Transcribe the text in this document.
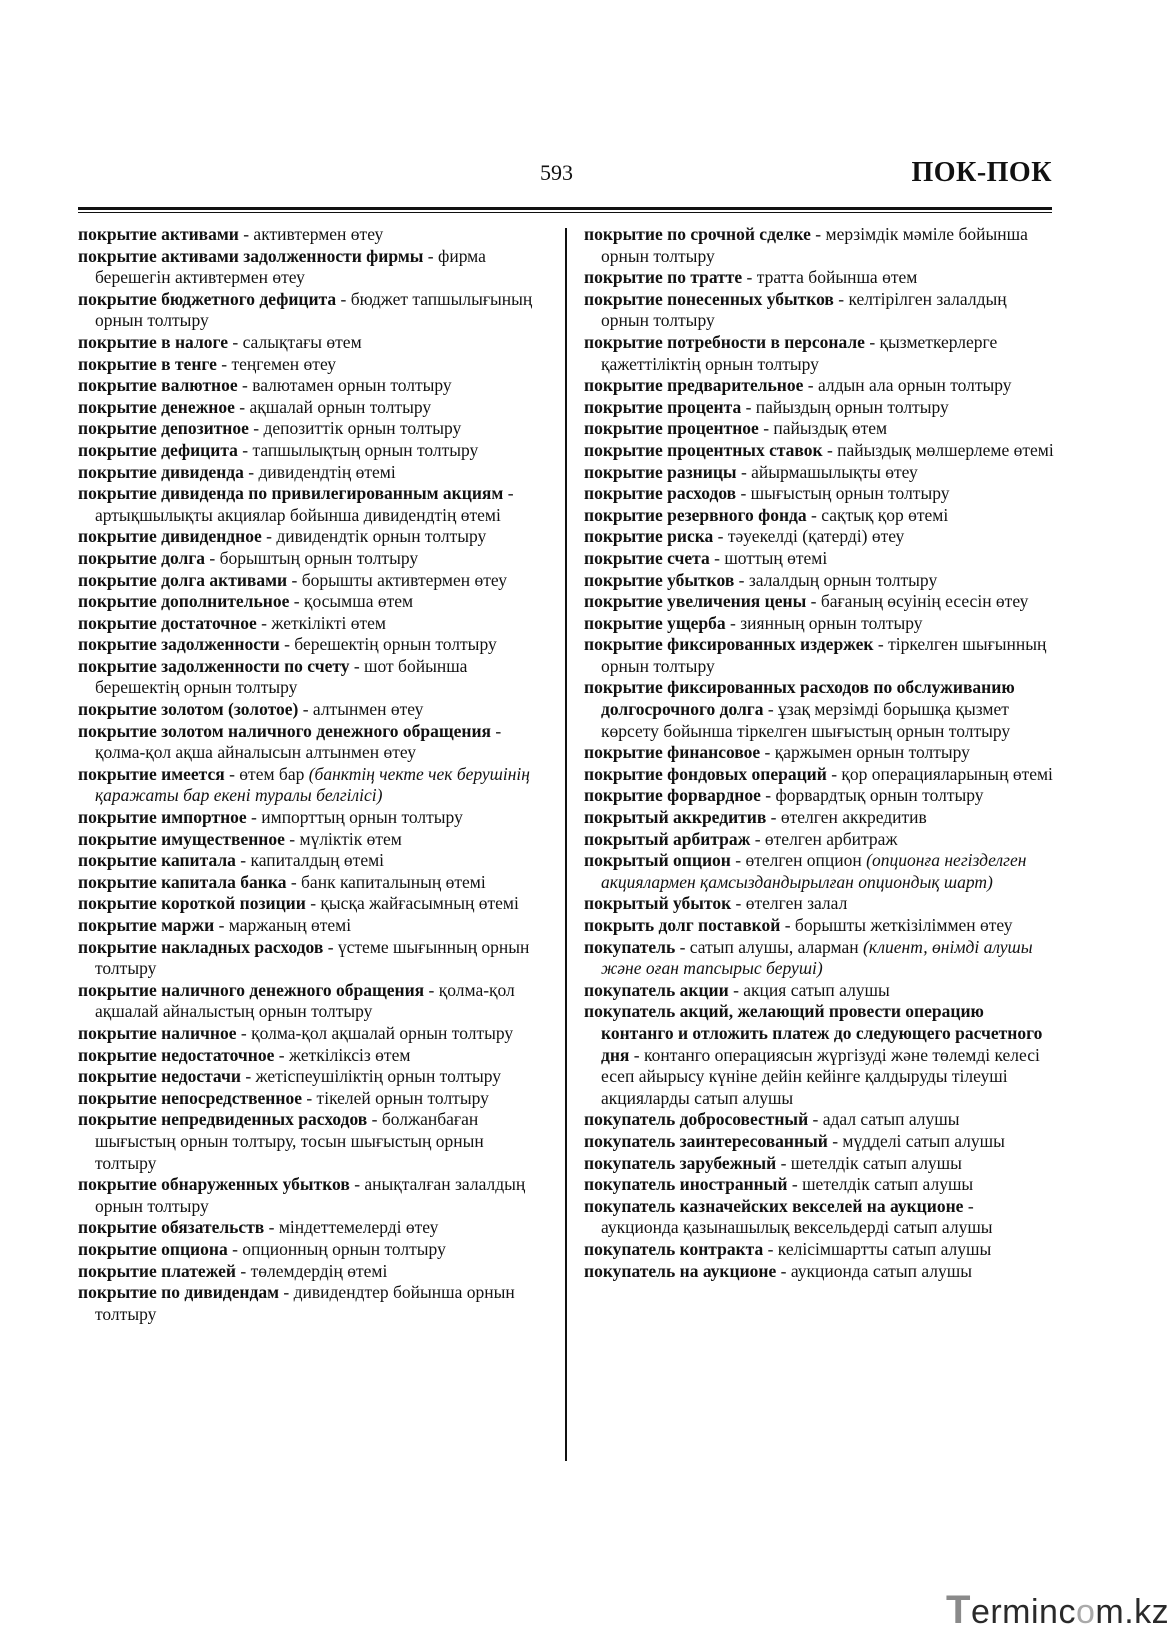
593	ПОК-ПОК

покрытие активами - активтермен өтеу

покрытие активами задолженности фирмы - фирма берешегін активтермен өтеу

покрытие бюджетного дефицита - бюджет тапшылығының орнын толтыру

покрытие в налоге - салықтағы өтем

покрытие в тенге - теңгемен өтеу

покрытие валютное - валютамен орнын толтыру

покрытие денежное - ақшалай орнын толтыру

покрытие депозитное - депозиттік орнын толтыру

покрытие дефицита - тапшылықтың орнын толтыру

покрытие дивиденда - дивидендтің өтемі

покрытие дивиденда по привилегированным акциям - артықшылықты акциялар бойынша дивидендтің өтемі

покрытие дивидендное - дивидендтік орнын толтыру

покрытие долга - борыштың орнын толтыру

покрытие долга активами - борышты активтермен өтеу

покрытие дополнительное - қосымша өтем

покрытие достаточное - жеткілікті өтем

покрытие задолженности - берешектің орнын толтыру

покрытие задолженности по счету - шот бойынша берешектің орнын толтыру

покрытие золотом (золотое) - алтынмен өтеу

покрытие золотом наличного денежного обращения - қолма-қол ақша айналысын алтынмен өтеу

покрытие имеется - өтем бар (банктің чекте чек берушінің қаражаты бар екені туралы белгілісі)

покрытие импортное - импорттың орнын толтыру

покрытие имущественное - мүліктік өтем

покрытие капитала - капиталдың өтемі

покрытие капитала банка - банк капиталының өтемі

покрытие короткой позиции - қысқа жайғасымның өтемі

покрытие маржи - маржаның өтемі

покрытие накладных расходов - үстеме шығынның орнын толтыру

покрытие наличного денежного обращения - қолма-қол ақшалай айналыстың орнын толтыру

покрытие наличное - қолма-қол ақшалай орнын толтыру

покрытие недостаточное - жеткіліксіз өтем

покрытие недостачи - жетіспеушіліктің орнын толтыру

покрытие непосредственное - тікелей орнын толтыру

покрытие непредвиденных расходов - болжанбаған шығыстың орнын толтыру, тосын шығыстың орнын толтыру

покрытие обнаруженных убытков - анықталған залалдың орнын толтыру

покрытие обязательств - міндеттемелерді өтеу

покрытие опциона - опционның орнын толтыру

покрытие платежей - төлемдердің өтемі

покрытие по дивидендам - дивидендтер бойынша орнын толтыру

покрытие по срочной сделке - мерзімдік мәміле бойынша орнын толтыру

покрытие по тратте - тратта бойынша өтем

покрытие понесенных убытков - келтірілген залалдың орнын толтыру

покрытие потребности в персонале - қызметкерлерге қажеттіліктің орнын толтыру

покрытие предварительное - алдын ала орнын толтыру

покрытие процента - пайыздың орнын толтыру

покрытие процентное - пайыздық өтем

покрытие процентных ставок - пайыздық мөлшерлеме өтемі

покрытие разницы - айырмашылықты өтеу

покрытие расходов - шығыстың орнын толтыру

покрытие резервного фонда - сақтық қор өтемі

покрытие риска - тәуекелді (қатерді) өтеу

покрытие счета - шоттың өтемі

покрытие убытков - залалдың орнын толтыру

покрытие увеличения цены - бағаның өсуінің есесін өтеу

покрытие ущерба - зиянның орнын толтыру

покрытие фиксированных издержек - тіркелген шығынның орнын толтыру

покрытие фиксированных расходов по обслуживанию долгосрочного долга - ұзақ мерзімді борышқа қызмет көрсету бойынша тіркелген шығыстың орнын толтыру

покрытие финансовое - қаржымен орнын толтыру

покрытие фондовых операций - қор операцияларының өтемі

покрытие форвардное - форвардтық орнын толтыру

покрытый аккредитив - өтелген аккредитив

покрытый арбитраж - өтелген арбитраж

покрытый опцион - өтелген опцион (опционға негізделген акциялармен қамсыздандырылған опциондық шарт)

покрытый убыток - өтелген залал

покрыть долг поставкой - борышты жеткізіліммен өтеу

покупатель - сатып алушы, аларман (клиент, өнімді алушы және оған тапсырыс беруші)

покупатель акции - акция сатып алушы

покупатель акций, желающий провести операцию контанго и отложить платеж до следующего расчетного дня - контанго операциясын жүргізуді және төлемді келесі есеп айырысу күніне дейін кейінге қалдыруды тілеуші акцияларды сатып алушы

покупатель добросовестный - адал сатып алушы

покупатель заинтересованный - мүдделі сатып алушы

покупатель зарубежный - шетелдік сатып алушы

покупатель иностранный - шетелдік сатып алушы

покупатель казначейских векселей на аукционе - аукционда қазынашылық вексельдерді сатып алушы

покупатель контракта - келісімшартты сатып алушы

покупатель на аукционе - аукционда сатып алушы

Termincom.kz
